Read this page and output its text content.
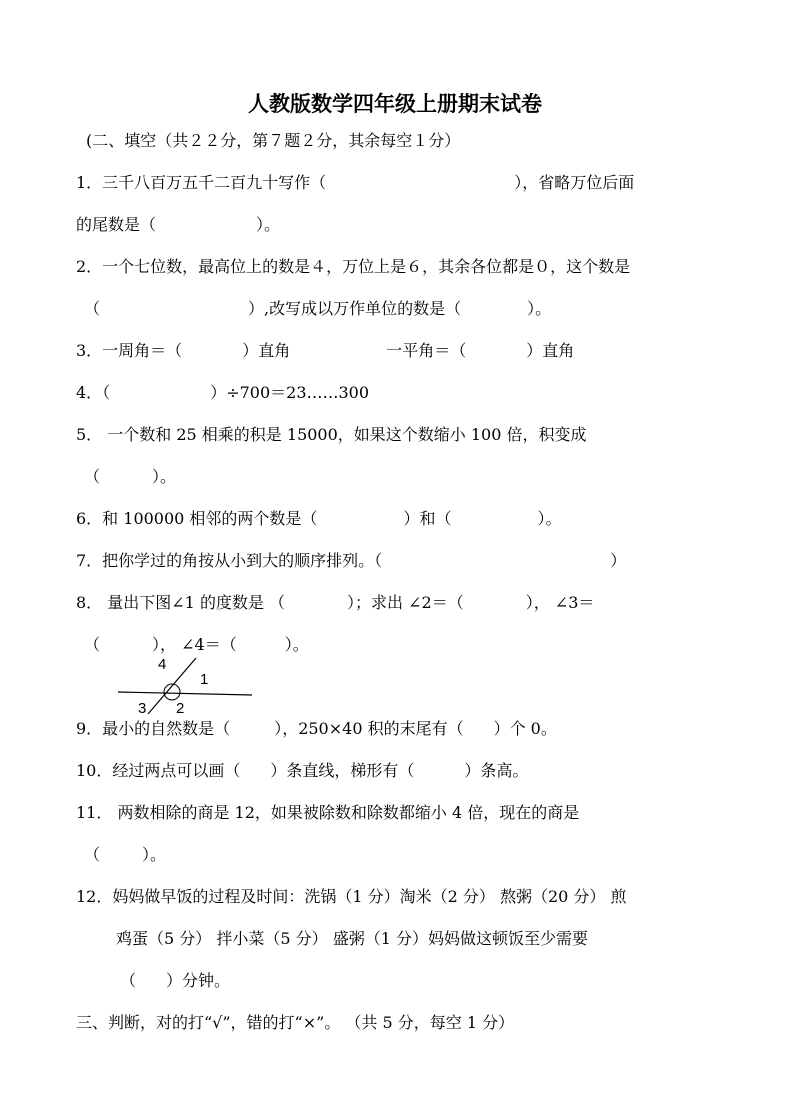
人教版数学四年级上册期末试卷
(二、填空（共２２分，第７题２分，其余每空１分）
1．三千八百万五千二百九十写作（	），省略万位后面
的尾数是（	）。
2．一个七位数，最高位上的数是４，万位上是６，其余各位都是０，这个数是
（	）,改写成以万作单位的数是（	）。
3．一周角＝（	）直角	一平角＝（	）直角
4．（	）÷700＝23……300
5． 一个数和 25 相乘的积是 15000，如果这个数缩小 100 倍，积变成
（	）。
6．和 100000 相邻的两个数是（	）和（	）。
7．把你学过的角按从小到大的顺序排列。（	）
8． 量出下图∠1 的度数是 （	）；求出 ∠2＝（	）， ∠3＝
（	）， ∠4＝（	）。
4
1
3 2
9．最小的自然数是（	），250×40 积的末尾有（ ）个 0。
10．经过两点可以画（ ）条直线，梯形有（	）条高。
11． 两数相除的商是 12，如果被除数和除数都缩小 4 倍，现在的商是
（	）。
12．妈妈做早饭的过程及时间：洗锅（1 分）淘米（2 分） 熬粥（20 分） 煎
鸡蛋（5 分） 拌小菜（5 分） 盛粥（1 分）妈妈做这顿饭至少需要
（ ）分钟。
三、判断，对的打“√”，错的打“×”。 （共 5 分，每空 1 分）
